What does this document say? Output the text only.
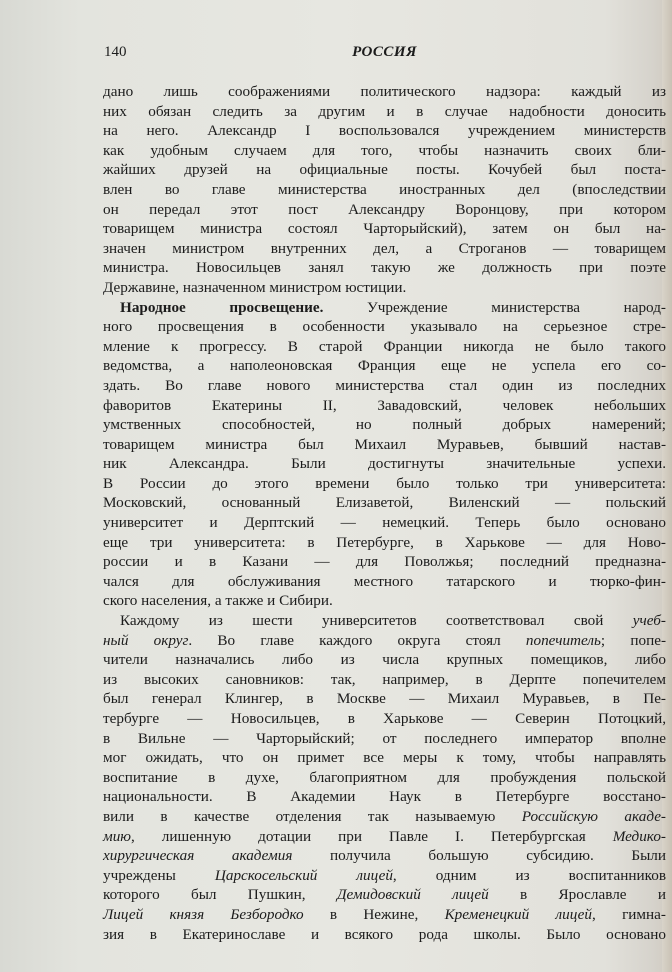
140	РОССИЯ
дано лишь соображениями политического надзора: каждый из
них обязан следить за другим и в случае надобности доносить
на него. Александр I воспользовался учреждением министерств
как удобным случаем для того, чтобы назначить своих бли-
жайших друзей на официальные посты. Кочубей был поста-
влен во главе министерства иностранных дел (впоследствии
он передал этот пост Александру Воронцову, при котором
товарищем министра состоял Чарторыйский), затем он был на-
значен министром внутренних дел, а Строганов — товарищем
министра. Новосильцев занял такую же должность при поэте
Державине, назначенном министром юстиции.
Народное просвещение. Учреждение министерства народ-
ного просвещения в особенности указывало на серьезное стре-
мление к прогрессу. В старой Франции никогда не было такого
ведомства, а наполеоновская Франция еще не успела его со-
здать. Во главе нового министерства стал один из последних
фаворитов Екатерины II, Завадовский, человек небольших
умственных способностей, но полный добрых намерений;
товарищем министра был Михаил Муравьев, бывший настав-
ник Александра. Были достигнуты значительные успехи.
В России до этого времени было только три университета:
Московский, основанный Елизаветой, Виленский — польский
университет и Дерптский — немецкий. Теперь было основано
еще три университета: в Петербурге, в Харькове — для Ново-
россии и в Казани — для Поволжья; последний предназна-
чался для обслуживания местного татарского и тюрко-фин-
ского населения, а также и Сибири.
Каждому из шести университетов соответствовал свой учеб-
ный округ. Во главе каждого округа стоял попечитель; попе-
чители назначались либо из числа крупных помещиков, либо
из высоких сановников: так, например, в Дерпте попечителем
был генерал Клингер, в Москве — Михаил Муравьев, в Пе-
тербурге — Новосильцев, в Харькове — Северин Потоцкий,
в Вильне — Чарторыйский; от последнего император вполне
мог ожидать, что он примет все меры к тому, чтобы направлять
воспитание в духе, благоприятном для пробуждения польской
национальности. В Академии Наук в Петербурге восстано-
вили в качестве отделения так называемую Российскую акаде-
мию, лишенную дотации при Павле I. Петербургская Медико-
хирургическая академия получила большую субсидию. Были
учреждены Царскосельский лицей, одним из воспитанников
которого был Пушкин, Демидовский лицей в Ярославле и
Лицей князя Безбородко в Нежине, Кременецкий лицей, гимна-
зия в Екатеринославе и всякого рода школы. Было основано
